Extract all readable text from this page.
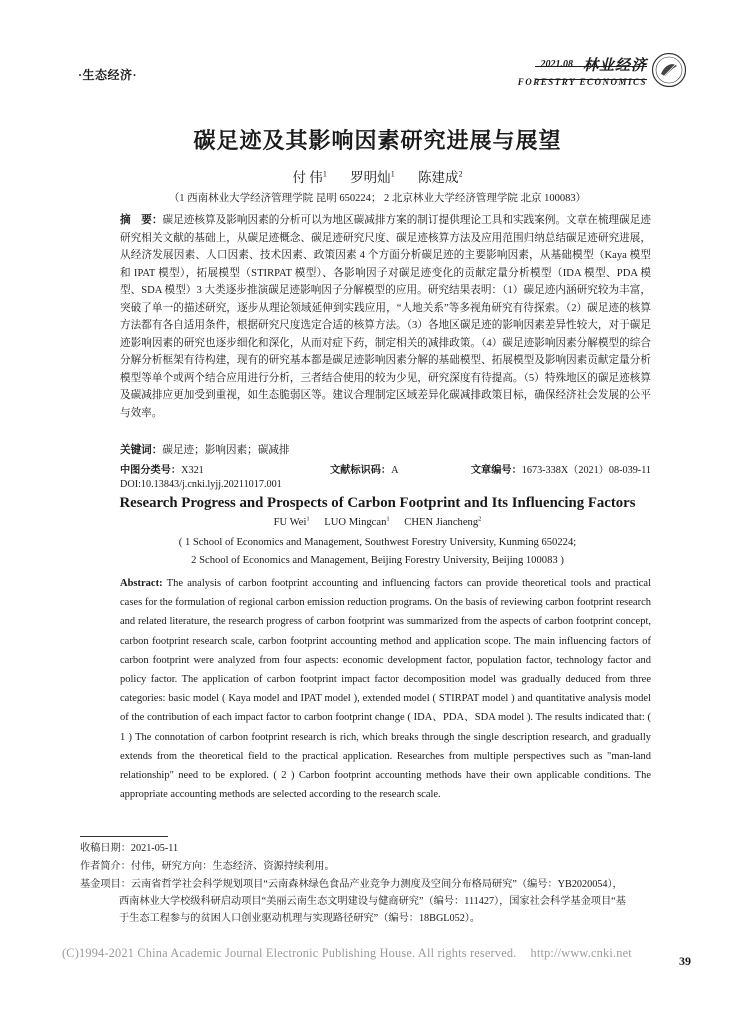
·生态经济·
2021.08 林业经济
FORESTRY ECONOMICS
碳足迹及其影响因素研究进展与展望
付 伟$^1$ 罗明灿$^1$ 陈建成$^2$
（1 西南林业大学经济管理学院 昆明 650224； 2 北京林业大学经济管理学院 北京 100083）
摘　要：碳足迹核算及影响因素的分析可以为地区碳减排方案的制订提供理论工具和实践案例。文章在梳理碳足迹研究相关文献的基础上，从碳足迹概念、碳足迹研究尺度、碳足迹核算方法及应用范围归纳总结碳足迹研究进展，从经济发展因素、人口因素、技术因素、政策因素 4 个方面分析碳足迹的主要影响因素，从基础模型（Kaya 模型和 IPAT 模型），拓展模型（STIRPAT 模型）、各影响因子对碳足迹变化的贡献定量分析模型（IDA 模型、PDA 模型、SDA 模型）3 大类逐步推演碳足迹影响因子分解模型的应用。研究结果表明：（1）碳足迹内涵研究较为丰富，突破了单一的描述研究，逐步从理论领域延伸到实践应用，“人地关系”等多视角研究有待探索。（2）碳足迹的核算方法都有各自适用条件，根据研究尺度选定合适的核算方法。（3）各地区碳足迹的影响因素差异性较大，对于碳足迹影响因素的研究也逐步细化和深化，从而对症下药，制定相关的减排政策。（4）碳足迹影响因素分解模型的综合分解分析框架有待构建，现有的研究基本都是碳足迹影响因素分解的基础模型、拓展模型及影响因素贡献定量分析模型等单个或两个结合应用进行分析，三者结合使用的较为少见，研究深度有待提高。（5）特殊地区的碳足迹核算及碳减排应更加受到重视，如生态脆弱区等。建议合理制定区域差异化碳减排政策目标，确保经济社会发展的公平与效率。
关键词：碳足迹；影响因素；碳减排
中图分类号：X321	文献标识码：A	文章编号：1673-338X（2021）08-039-11
DOI:10.13843/j.cnki.lyjj.20211017.001
Research Progress and Prospects of Carbon Footprint and Its Influencing Factors
FU Wei$^1$ LUO Mingcan$^1$ CHEN Jiancheng$^2$
( 1 School of Economics and Management, Southwest Forestry University, Kunming 650224;
2 School of Economics and Management, Beijing Forestry University, Beijing 100083 )
Abstract: The analysis of carbon footprint accounting and influencing factors can provide theoretical tools and practical cases for the formulation of regional carbon emission reduction programs. On the basis of reviewing carbon footprint research and related literature, the research progress of carbon footprint was summarized from the aspects of carbon footprint concept, carbon footprint research scale, carbon footprint accounting method and application scope. The main influencing factors of carbon footprint were analyzed from four aspects: economic development factor, population factor, technology factor and policy factor. The application of carbon footprint impact factor decomposition model was gradually deduced from three categories: basic model ( Kaya model and IPAT model ), extended model ( STIRPAT model ) and quantitative analysis model of the contribution of each impact factor to carbon footprint change ( IDA、PDA、SDA model ). The results indicated that: ( 1 ) The connotation of carbon footprint research is rich, which breaks through the single description research, and gradually extends from the theoretical field to the practical application. Researches from multiple perspectives such as "man-land relationship" need to be explored. ( 2 ) Carbon footprint accounting methods have their own applicable conditions. The appropriate accounting methods are selected according to the research scale.
收稿日期：2021-05-11
作者简介：付伟，研究方向：生态经济、资源持续利用。
基金项目：云南省哲学社会科学规划项目“云南森林绿色食品产业竞争力测度及空间分布格局研究”（编号：YB2020054），
西南林业大学校级科研启动项目“美丽云南生态文明建设与健商研究”（编号：111427），国家社会科学基金项目“基
于生态工程参与的贫困人口创业驱动机理与实现路径研究”（编号：18BGL052）。
(C)1994-2021 China Academic Journal Electronic Publishing House. All rights reserved. http://www.cnki.net
39
